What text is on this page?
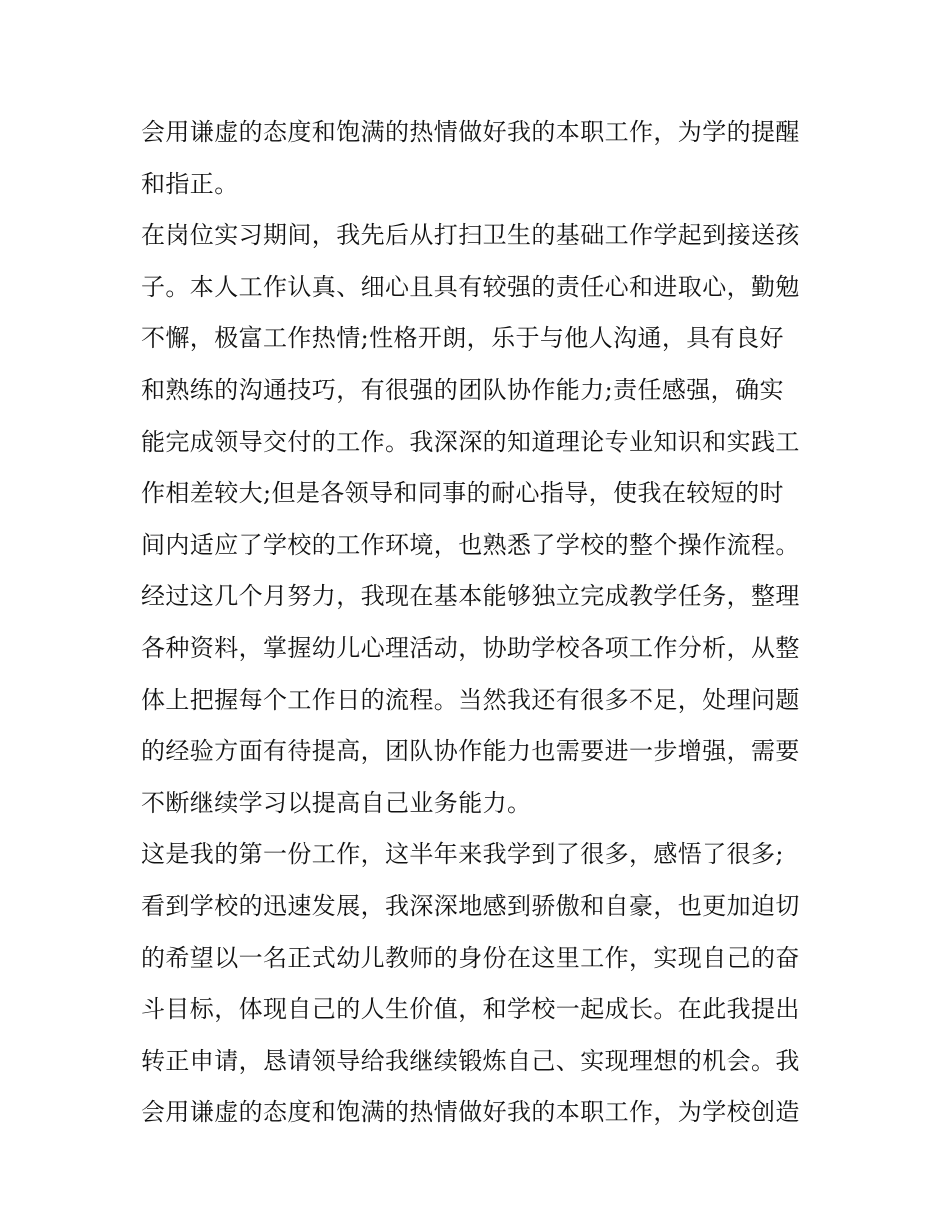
会用谦虚的态度和饱满的热情做好我的本职工作，为学的提醒
和指正。
在岗位实习期间，我先后从打扫卫生的基础工作学起到接送孩
子。本人工作认真、细心且具有较强的责任心和进取心，勤勉
不懈，极富工作热情;性格开朗，乐于与他人沟通，具有良好
和熟练的沟通技巧，有很强的团队协作能力;责任感强，确实
能完成领导交付的工作。我深深的知道理论专业知识和实践工
作相差较大;但是各领导和同事的耐心指导，使我在较短的时
间内适应了学校的工作环境，也熟悉了学校的整个操作流程。
经过这几个月努力，我现在基本能够独立完成教学任务，整理
各种资料，掌握幼儿心理活动，协助学校各项工作分析，从整
体上把握每个工作日的流程。当然我还有很多不足，处理问题
的经验方面有待提高，团队协作能力也需要进一步增强，需要
不断继续学习以提高自己业务能力。
这是我的第一份工作，这半年来我学到了很多，感悟了很多;
看到学校的迅速发展，我深深地感到骄傲和自豪，也更加迫切
的希望以一名正式幼儿教师的身份在这里工作，实现自己的奋
斗目标，体现自己的人生价值，和学校一起成长。在此我提出
转正申请，恳请领导给我继续锻炼自己、实现理想的机会。我
会用谦虚的态度和饱满的热情做好我的本职工作，为学校创造
